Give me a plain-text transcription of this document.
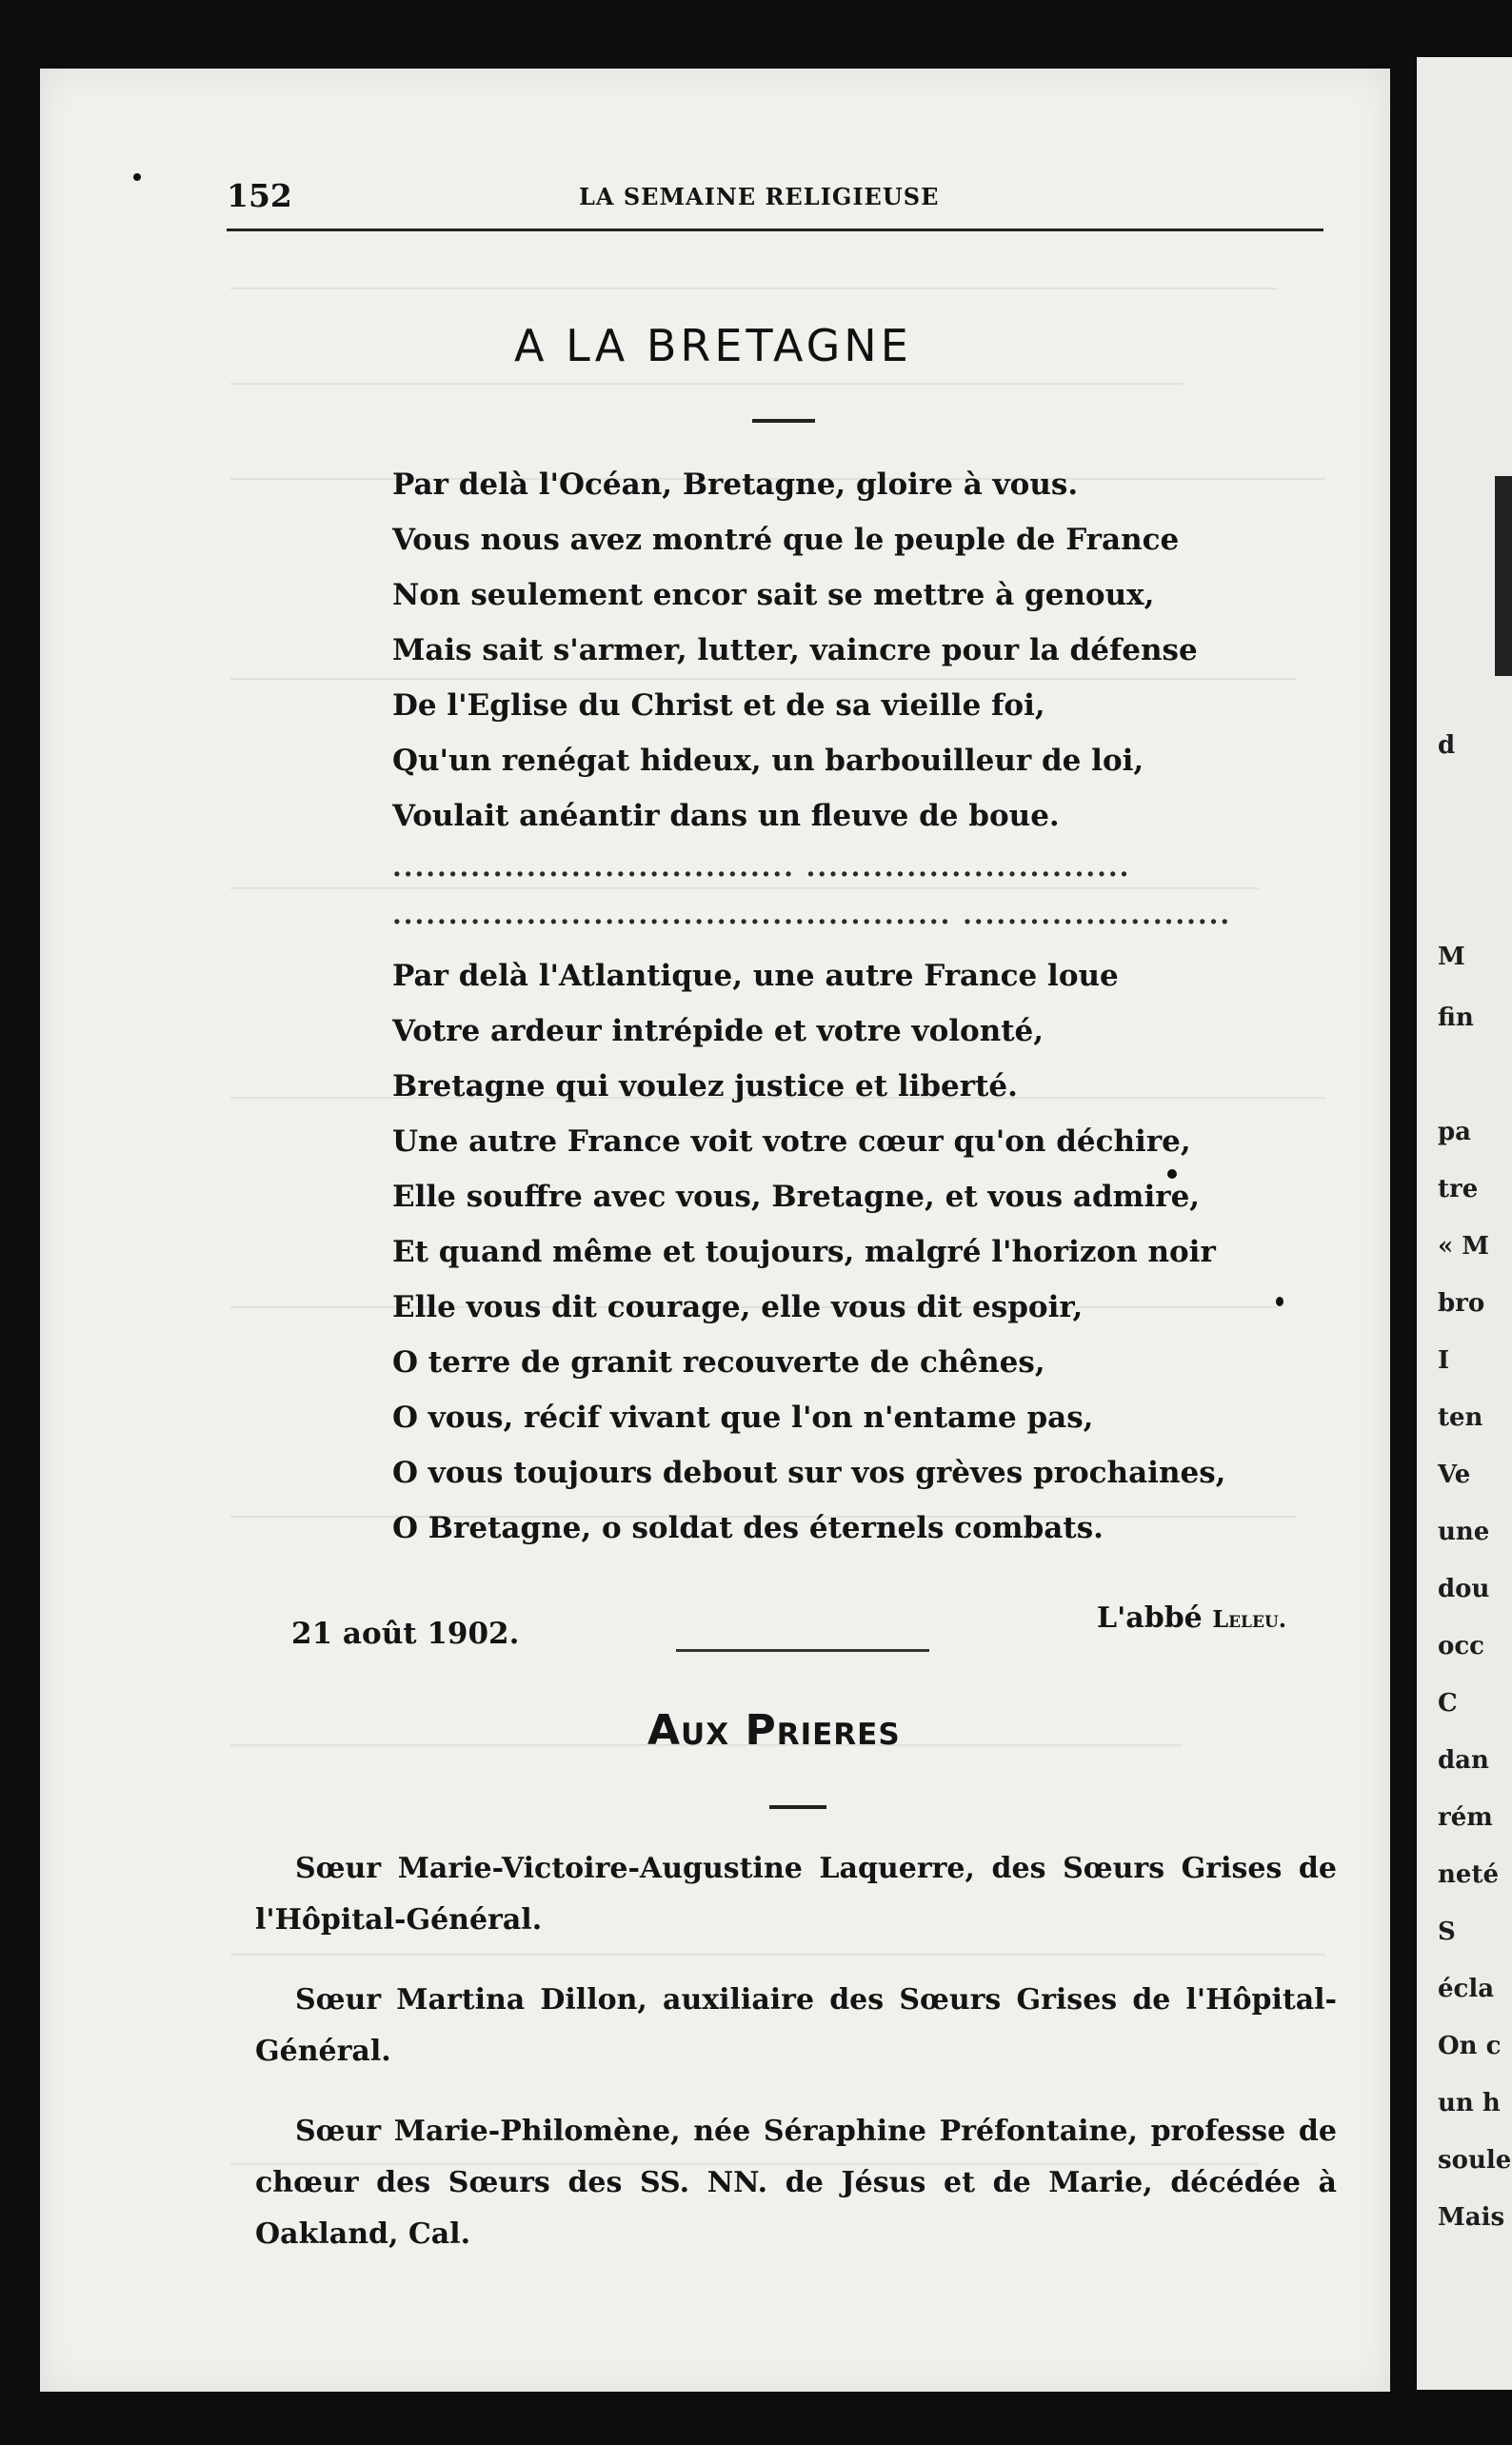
d
M
fin
pa
tre
« M
bro
I
ten
Ve
une
dou
occ
C
dan
rém
neté
S
écla
On c
un h
soule
Mais
152	LA SEMAINE RELIGIEUSE
A LA BRETAGNE
Par delà l'Océan, Bretagne, gloire à vous.
Vous nous avez montré que le peuple de France
Non seulement encor sait se mettre à genoux,
Mais sait s'armer, lutter, vaincre pour la défense
De l'Eglise du Christ et de sa vieille foi,
Qu'un renégat hideux, un barbouilleur de loi,
Voulait anéantir dans un fleuve de boue.
.................................... .............................
.................................................. ........................
Par delà l'Atlantique, une autre France loue
Votre ardeur intrépide et votre volonté,
Bretagne qui voulez justice et liberté.
Une autre France voit votre cœur qu'on déchire,
Elle souffre avec vous, Bretagne, et vous admire,
Et quand même et toujours, malgré l'horizon noir
Elle vous dit courage, elle vous dit espoir,
O terre de granit recouverte de chênes,
O vous, récif vivant que l'on n'entame pas,
O vous toujours debout sur vos grèves prochaines,
O Bretagne, o soldat des éternels combats.
21 août 1902.	L'abbé Leleu.
Aux Prieres

Sœur Marie-Victoire-Augustine Laquerre, des Sœurs Grises de l'Hôpital-Général.

Sœur Martina Dillon, auxiliaire des Sœurs Grises de l'Hôpital-Général.

Sœur Marie-Philomène, née Séraphine Préfontaine, professe de chœur des Sœurs des SS. NN. de Jésus et de Marie, décédée à Oakland, Cal.
